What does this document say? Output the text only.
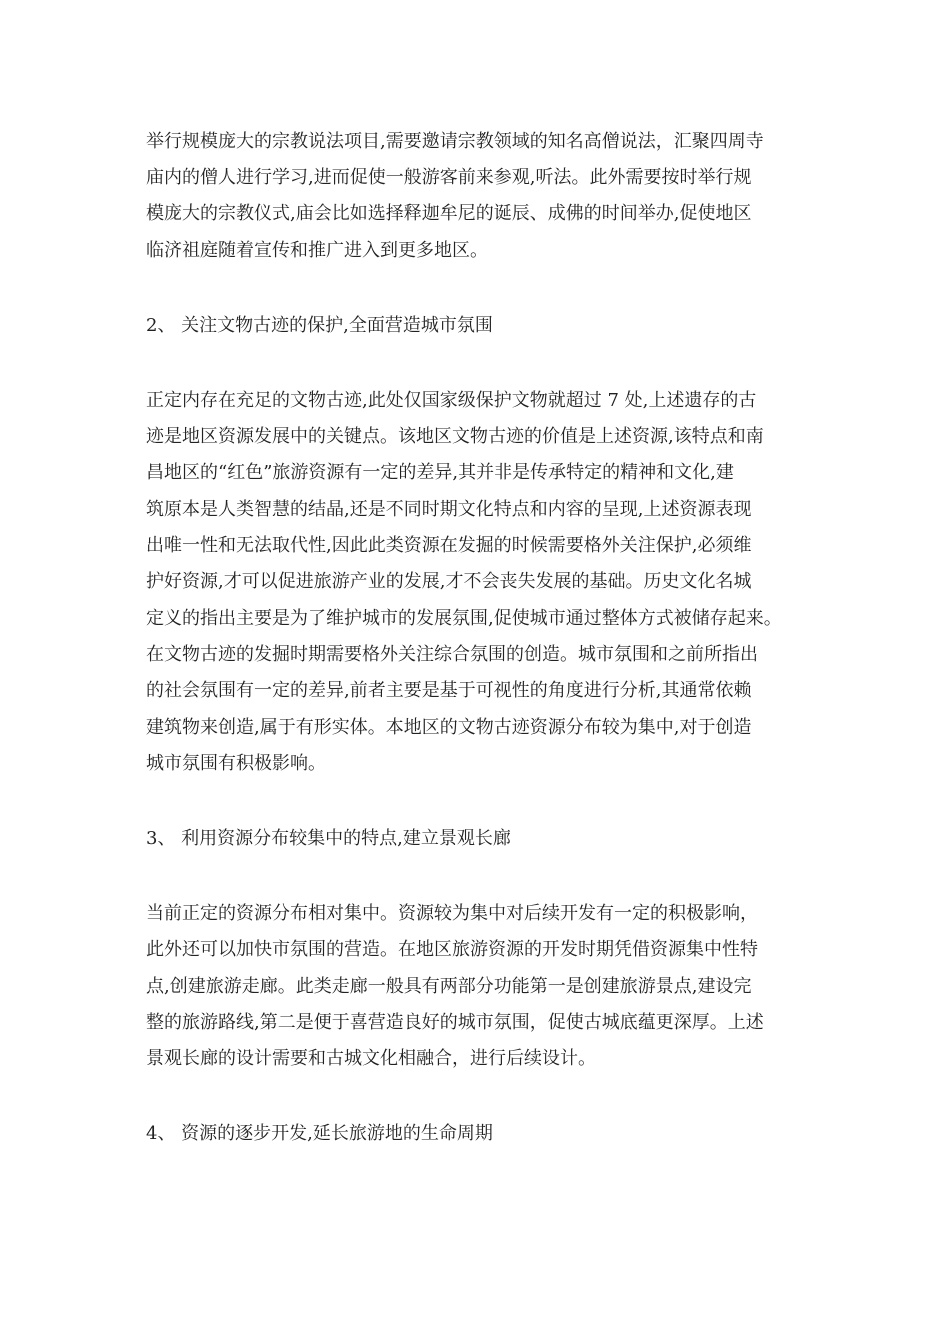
举行规模庞大的宗教说法项目,需要邀请宗教领域的知名高僧说法，汇聚四周寺
庙内的僧人进行学习,进而促使一般游客前来参观,听法。此外需要按时举行规
模庞大的宗教仪式,庙会比如选择释迦牟尼的诞辰、成佛的时间举办,促使地区
临济祖庭随着宣传和推广进入到更多地区。
2、 关注文物古迹的保护,全面营造城市氛围
正定内存在充足的文物古迹,此处仅国家级保护文物就超过 7 处,上述遗存的古
迹是地区资源发展中的关键点。该地区文物古迹的价值是上述资源,该特点和南
昌地区的“红色”旅游资源有一定的差异,其并非是传承特定的精神和文化,建
筑原本是人类智慧的结晶,还是不同时期文化特点和内容的呈现,上述资源表现
出唯一性和无法取代性,因此此类资源在发掘的时候需要格外关注保护,必须维
护好资源,才可以促进旅游产业的发展,才不会丧失发展的基础。历史文化名城
定义的指出主要是为了维护城市的发展氛围,促使城市通过整体方式被储存起来。
在文物古迹的发掘时期需要格外关注综合氛围的创造。城市氛围和之前所指出
的社会氛围有一定的差异,前者主要是基于可视性的角度进行分析,其通常依赖
建筑物来创造,属于有形实体。本地区的文物古迹资源分布较为集中,对于创造
城市氛围有积极影响。
3、 利用资源分布较集中的特点,建立景观长廊
当前正定的资源分布相对集中。资源较为集中对后续开发有一定的积极影响，
此外还可以加快市氛围的营造。在地区旅游资源的开发时期凭借资源集中性特
点,创建旅游走廊。此类走廊一般具有两部分功能第一是创建旅游景点,建设完
整的旅游路线,第二是便于喜营造良好的城市氛围，促使古城底蕴更深厚。上述
景观长廊的设计需要和古城文化相融合，进行后续设计。
4、 资源的逐步开发,延长旅游地的生命周期
